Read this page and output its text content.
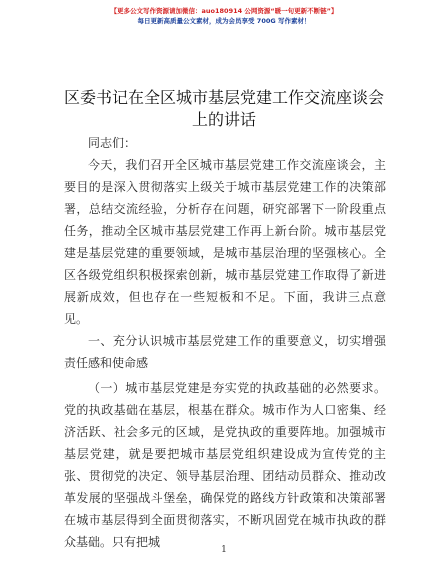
【更多公文写作资源请加微信：auo180914 公网资源“暖一句更新不断链”】
每日更新高质量公文素材，成为会员享受 700G 写作素材！
区委书记在全区城市基层党建工作交流座谈会
上的讲话

同志们：

今天，我们召开全区城市基层党建工作交流座谈会，主要目的是深入贯彻落实上级关于城市基层党建工作的决策部署，总结交流经验，分析存在问题，研究部署下一阶段重点任务，推动全区城市基层党建工作再上新台阶。城市基层党建是基层党建的重要领域，是城市基层治理的坚强核心。全区各级党组织积极探索创新，城市基层党建工作取得了新进展新成效，但也存在一些短板和不足。下面，我讲三点意见。

一、充分认识城市基层党建工作的重要意义，切实增强责任感和使命感

（一）城市基层党建是夯实党的执政基础的必然要求。党的执政基础在基层，根基在群众。城市作为人口密集、经济活跃、社会多元的区域，是党执政的重要阵地。加强城市基层党建，就是要把城市基层党组织建设成为宣传党的主张、贯彻党的决定、领导基层治理、团结动员群众、推动改革发展的坚强战斗堡垒，确保党的路线方针政策和决策部署在城市基层得到全面贯彻落实，不断巩固党在城市执政的群众基础。只有把城

1
